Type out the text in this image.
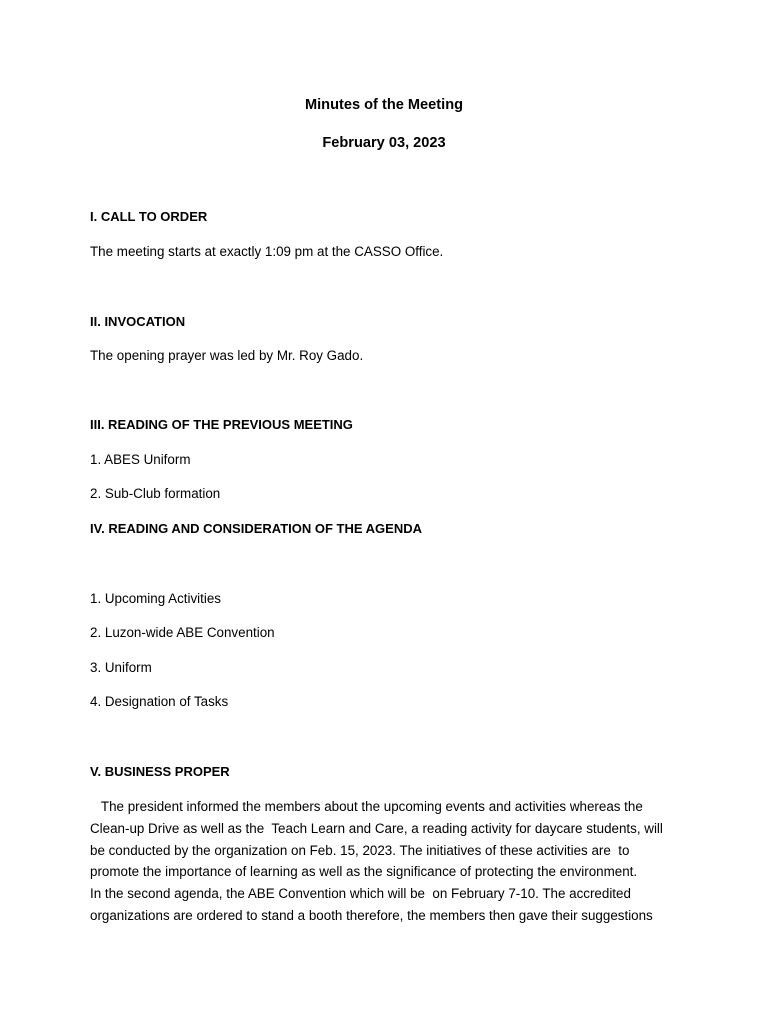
Minutes of the Meeting
February 03, 2023
I. CALL TO ORDER
The meeting starts at exactly 1:09 pm at the CASSO Office.
II. INVOCATION
The opening prayer was led by Mr. Roy Gado.
III. READING OF THE PREVIOUS MEETING
1. ABES Uniform
2. Sub-Club formation
IV. READING AND CONSIDERATION OF THE AGENDA
1. Upcoming Activities
2. Luzon-wide ABE Convention
3. Uniform
4. Designation of Tasks
V. BUSINESS PROPER
The president informed the members about the upcoming events and activities whereas the
Clean-up Drive as well as the  Teach Learn and Care, a reading activity for daycare students, will
be conducted by the organization on Feb. 15, 2023. The initiatives of these activities are  to
promote the importance of learning as well as the significance of protecting the environment.
In the second agenda, the ABE Convention which will be  on February 7-10. The accredited
organizations are ordered to stand a booth therefore, the members then gave their suggestions
